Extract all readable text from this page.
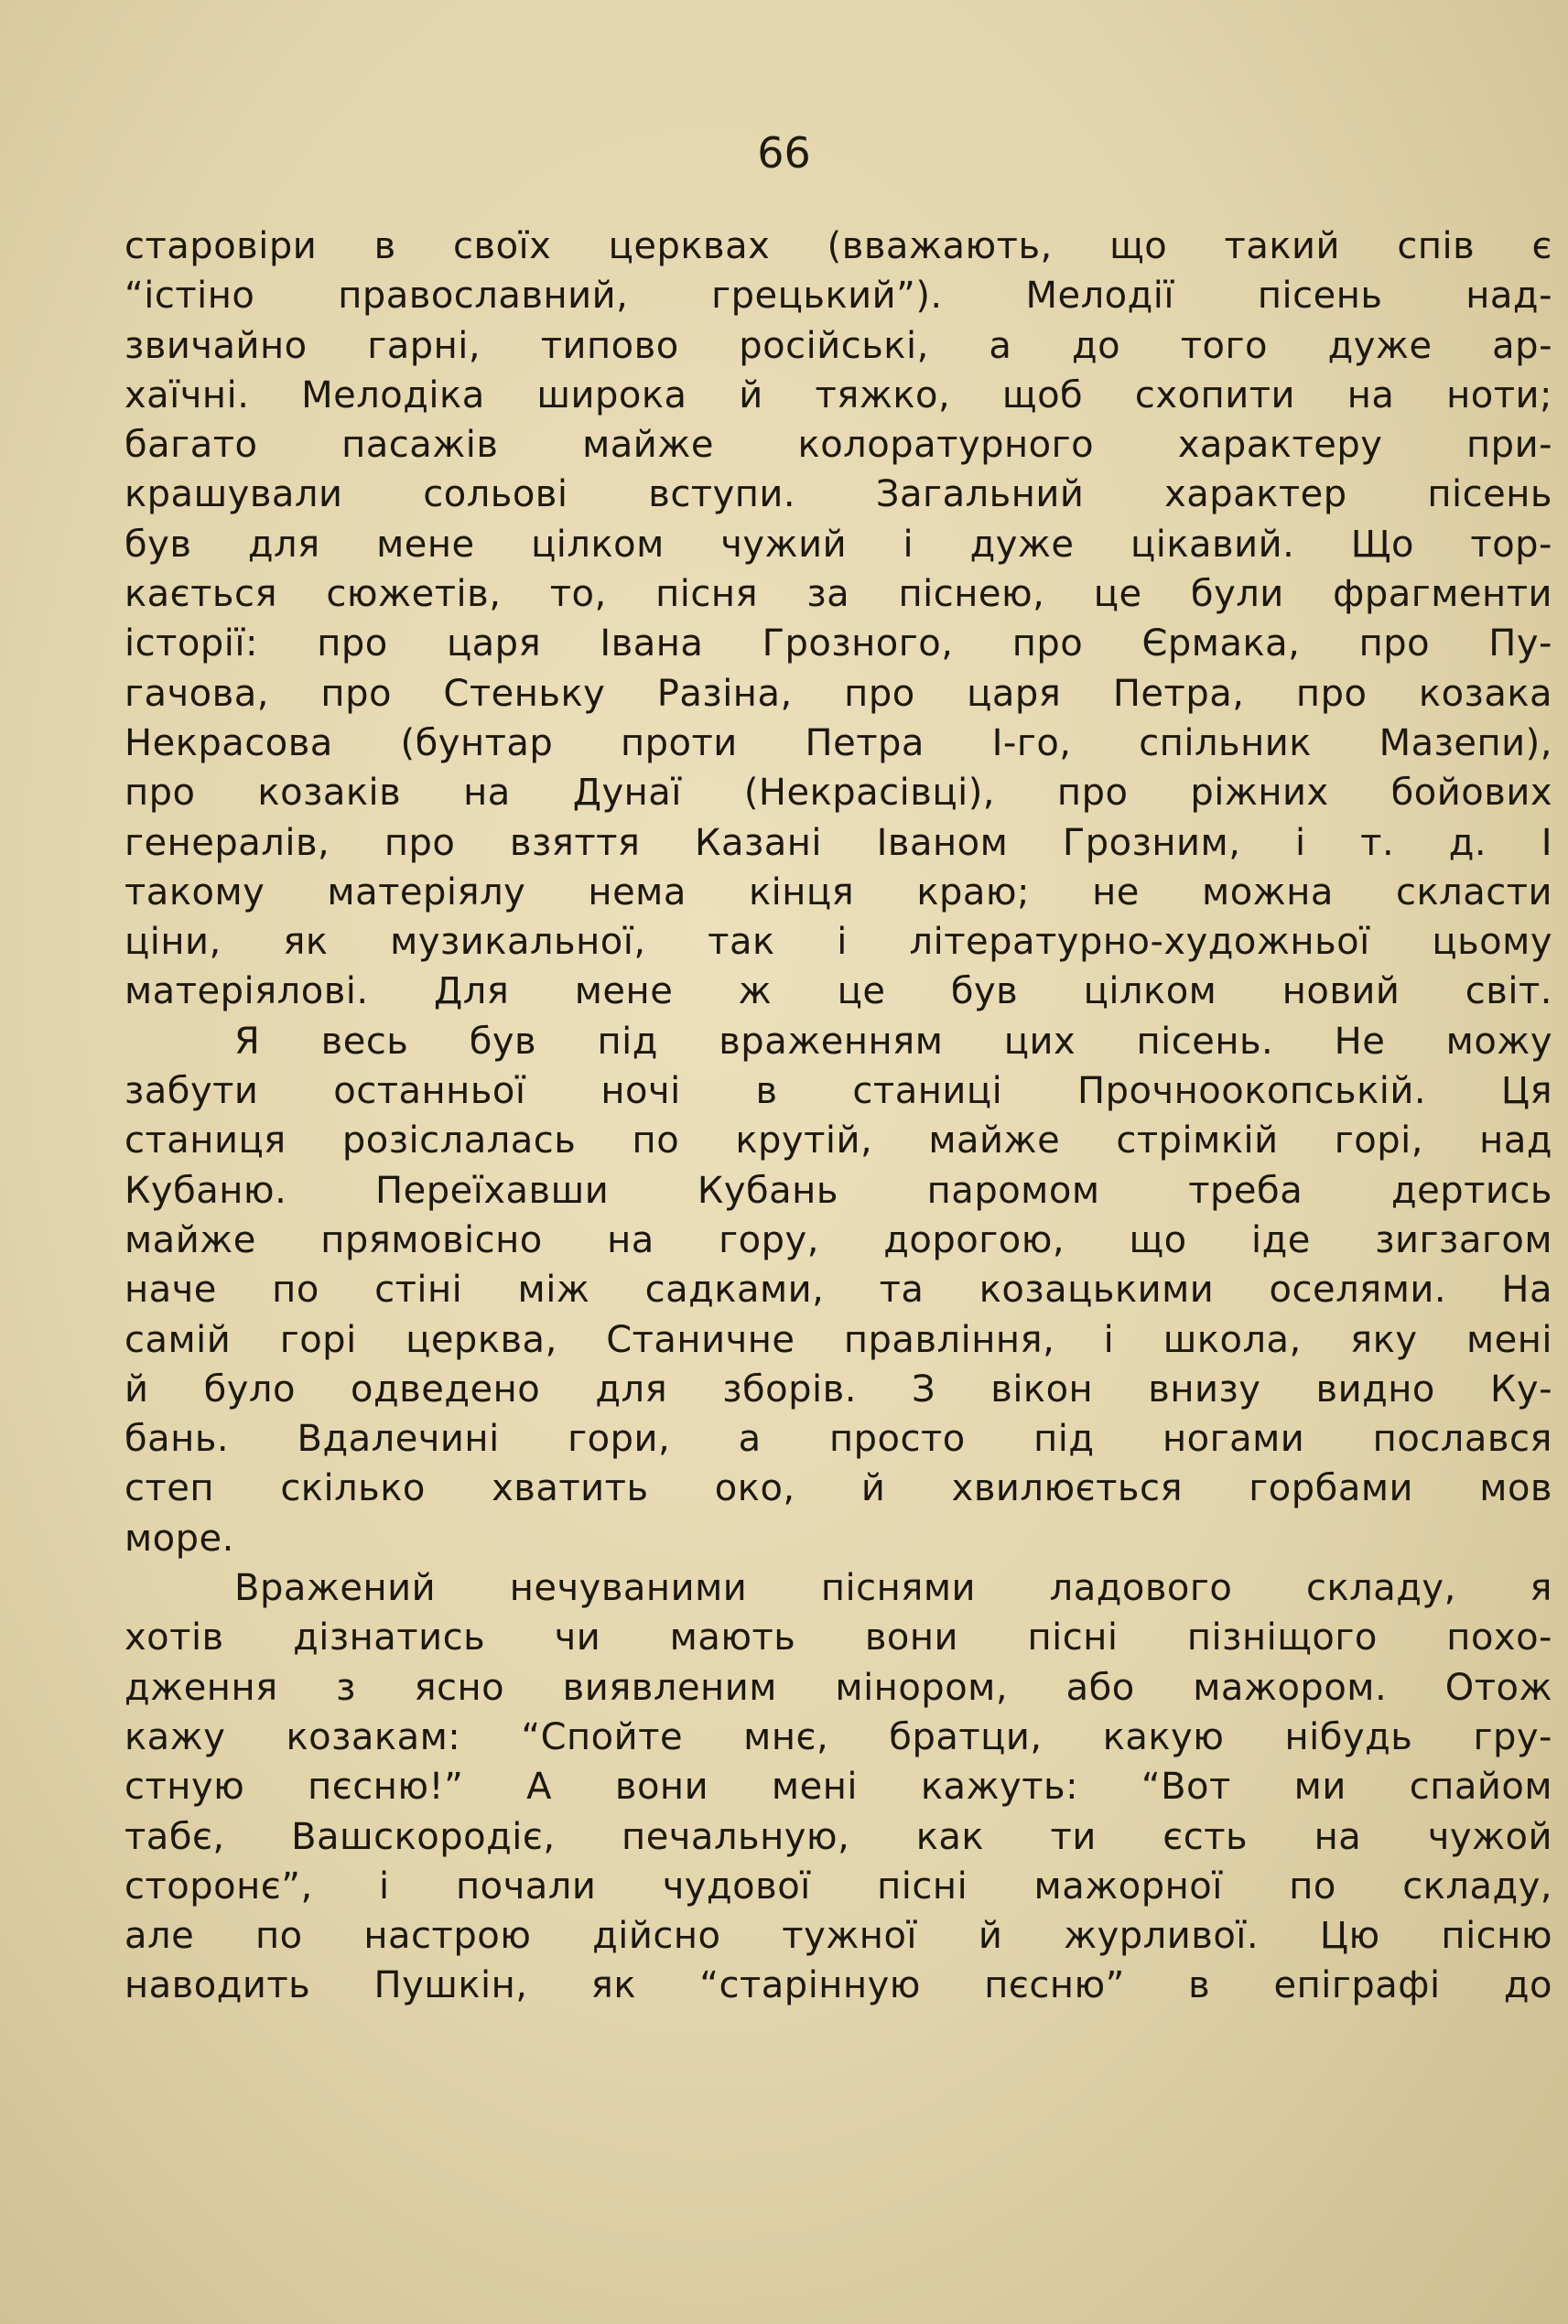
66
старовіри в своїх церквах (вважають, що такий спів є
“істіно православний, грецький”). Мелодії пісень над-
звичайно гарні, типово російські, а до того дуже ар-
хаїчні. Мелодіка широка й тяжко, щоб схопити на ноти;
багато пасажів майже колоратурного характеру при-
крашували сольові вступи. Загальний характер пісень
був для мене цілком чужий і дуже цікавий. Що тор-
кається сюжетів, то, пісня за піснею, це були фрагменти
історії: про царя Івана Грозного, про Єрмака, про Пу-
гачова, про Стеньку Разіна, про царя Петра, про козака
Некрасова (бунтар проти Петра І-го, спільник Мазепи),
про козаків на Дунаї (Некрасівці), про ріжних бойових
генералів, про взяття Казані Іваном Грозним, і т. д. І
такому матеріялу нема кінця краю; не можна скласти
ціни, як музикальної, так і літературно-художньої цьому
матеріялові. Для мене ж це був цілком новий світ.
Я весь був під враженням цих пісень. Не можу
забути останньої ночі в станиці Прочноокопській. Ця
станиця розіслалась по крутій, майже стрімкій горі, над
Кубаню. Переїхавши Кубань паромом треба дертись
майже прямовісно на гору, дорогою, що іде зигзагом
наче по стіні між садками, та козацькими оселями. На
самій горі церква, Станичне правління, і школа, яку мені
й було одведено для зборів. З вікон внизу видно Ку-
бань. Вдалечині гори, а просто під ногами послався
степ скілько хватить око, й хвилюється горбами мов
море.
Вражений нечуваними піснями ладового складу, я
хотів дізнатись чи мають вони пісні пізніщого похо-
дження з ясно виявленим мінором, або мажором. Отож
кажу козакам: “Спойте мнє, братци, какую нібудь гру-
стную пєсню!” А вони мені кажуть: “Вот ми спайом
табє, Вашскородіє, печальную, как ти єсть на чужой
сторонє”, і почали чудової пісні мажорної по складу,
але по настрою дійсно тужної й журливої. Цю пісню
наводить Пушкін, як “старінную пєсню” в епіграфі до
